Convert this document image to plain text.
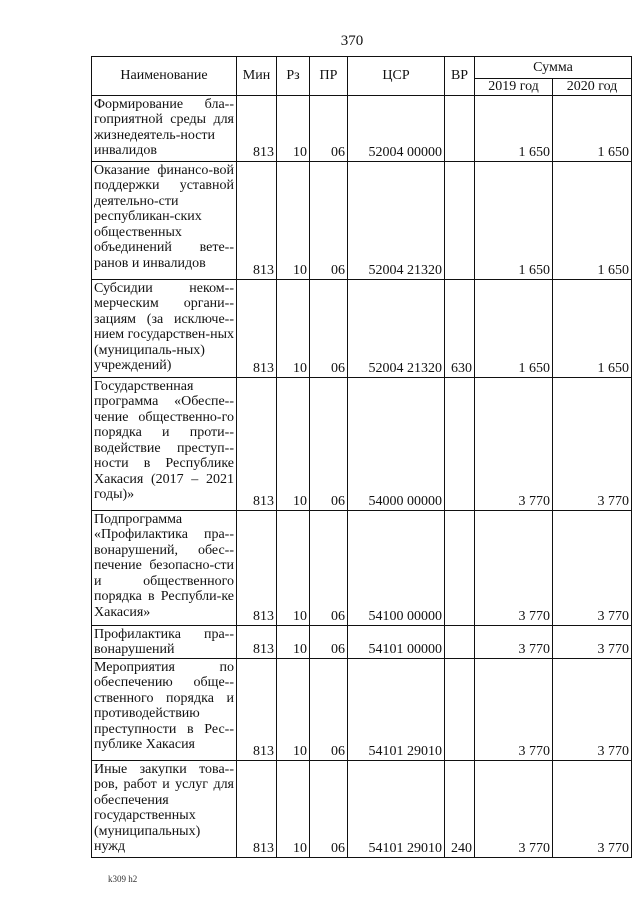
370
Наименование	Мин	Рз	ПР	ЦСР	ВР	Сумма	
						2019 год	2020 год
Формирование бла-гоприятной среды для жизнедеятель-ности инвалидов	813	10	06	52004 00000		1 650	1 650
Оказание финансо-вой поддержки уставной деятельно-сти республикан-ских общественных объединений вете-ранов и инвалидов	813	10	06	52004 21320		1 650	1 650
Субсидии неком-мерческим органи-зациям (за исключе-нием государствен-ных (муниципаль-ных) учреждений)	813	10	06	52004 21320	630	1 650	1 650
Государственная программа «Обеспе-чение общественно-го порядка и проти-водействие преступ-ности в Республике Хакасия (2017 – 2021 годы)»	813	10	06	54000 00000		3 770	3 770
Подпрограмма «Профилактика пра-вонарушений, обес-печение безопасно-сти и общественного порядка в Республи-ке Хакасия»	813	10	06	54100 00000		3 770	3 770
Профилактика пра-вонарушений	813	10	06	54101 00000		3 770	3 770
Мероприятия по обеспечению обще-ственного порядка и противодействию преступности в Рес-публике Хакасия	813	10	06	54101 29010		3 770	3 770
Иные закупки това-ров, работ и услуг для обеспечения государственных (муниципальных) нужд	813	10	06	54101 29010	240	3 770	3 770
k309 h2
